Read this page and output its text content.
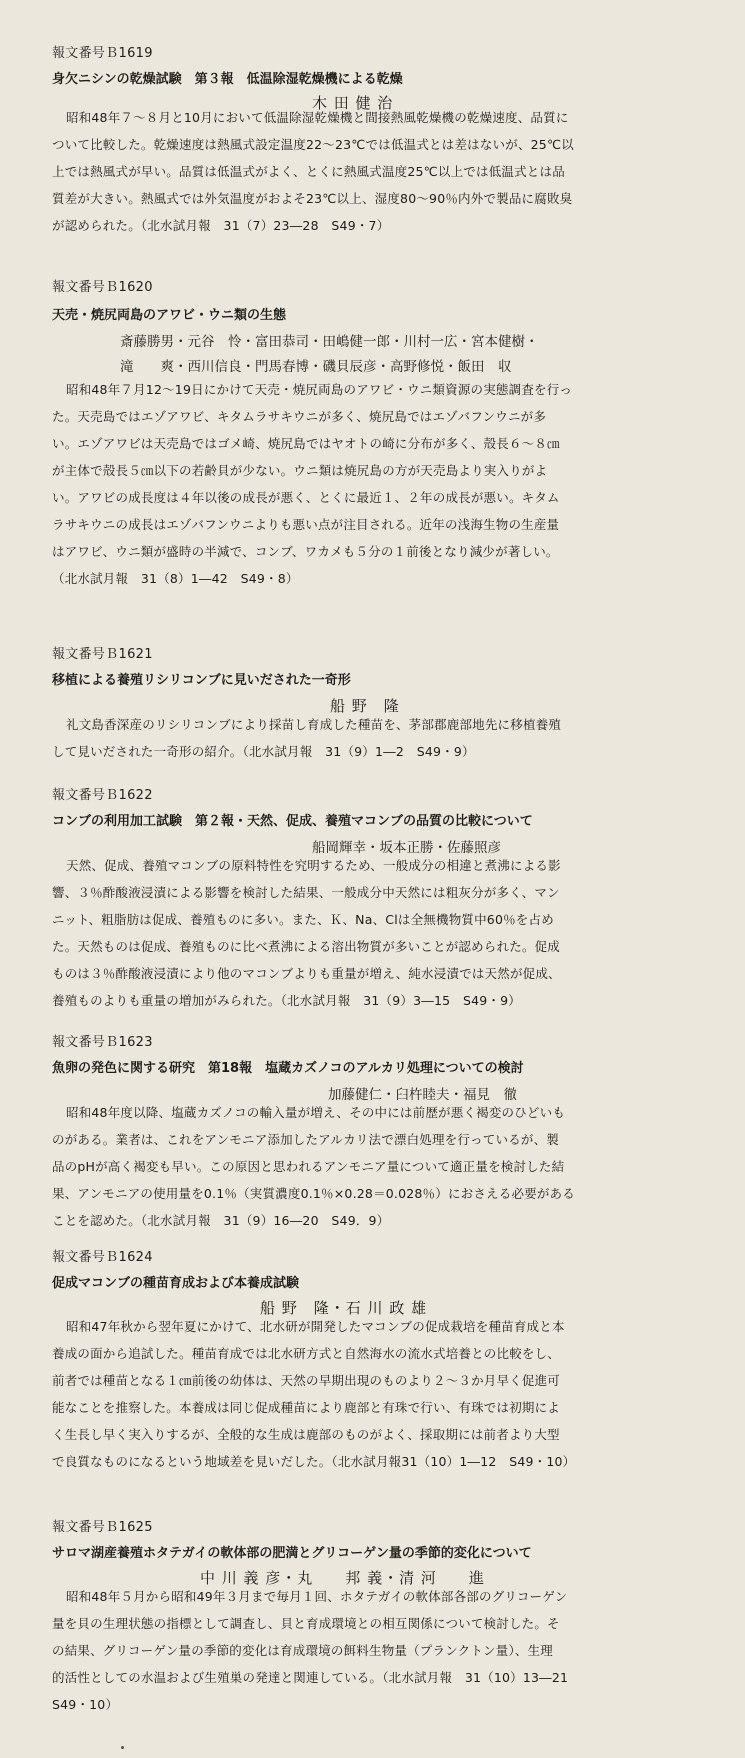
報文番号Ｂ1619
身欠ニシンの乾燥試験　第３報　低温除湿乾燥機による乾燥
木 田 健 治
昭和48年７～８月と10月において低温除湿乾燥機と間接熱風乾燥機の乾燥速度、品質に
ついて比較した。乾燥速度は熱風式設定温度22～23℃では低温式とは差はないが、25℃以
上では熱風式が早い。品質は低温式がよく、とくに熱風式温度25℃以上では低温式とは品
質差が大きい。熱風式では外気温度がおよそ23℃以上、湿度80～90％内外で製品に腐敗臭
が認められた。（北水試月報　31（7）23―28　S49・7）
報文番号Ｂ1620
天売・焼尻両島のアワビ・ウニ類の生態
斎藤勝男・元谷　怜・富田恭司・田嶋健一郎・川村一広・宮本健樹・
滝　　爽・西川信良・門馬春博・磯貝辰彦・高野修悦・飯田　収
昭和48年７月12～19日にかけて天売・焼尻両島のアワビ・ウニ類資源の実態調査を行っ
た。天売島ではエゾアワビ、キタムラサキウニが多く、焼尻島ではエゾバフンウニが多
い。エゾアワビは天売島ではゴメ崎、焼尻島ではヤオトの崎に分布が多く、殻長６～８㎝
が主体で殻長５㎝以下の若齢貝が少ない。ウニ類は焼尻島の方が天売島より実入りがよ
い。アワビの成長度は４年以後の成長が悪く、とくに最近１、２年の成長が悪い。キタム
ラサキウニの成長はエゾバフンウニよりも悪い点が注目される。近年の浅海生物の生産量
はアワビ、ウニ類が盛時の半減で、コンブ、ワカメも５分の１前後となり減少が著しい。
（北水試月報　31（8）1―42　S49・8）
報文番号Ｂ1621
移植による養殖リシリコンブに見いだされた一奇形
船 野　隆
礼文島香深産のリシリコンブにより採苗し育成した種苗を、茅部郡鹿部地先に移植養殖
して見いだされた一奇形の紹介。（北水試月報　31（9）1―2　S49・9）
報文番号Ｂ1622
コンブの利用加工試験　第２報・天然、促成、養殖マコンブの品質の比較について
船岡輝幸・坂本正勝・佐藤照彦
天然、促成、養殖マコンブの原料特性を究明するため、一般成分の相違と煮沸による影
響、３％酢酸液浸漬による影響を検討した結果、一般成分中天然には粗灰分が多く、マン
ニット、粗脂肪は促成、養殖ものに多い。また、Ｋ、Na、Clは全無機物質中60％を占め
た。天然ものは促成、養殖ものに比べ煮沸による溶出物質が多いことが認められた。促成
ものは３％酢酸液浸漬により他のマコンブよりも重量が増え、純水浸漬では天然が促成、
養殖ものよりも重量の増加がみられた。（北水試月報　31（9）3―15　S49・9）
報文番号Ｂ1623
魚卵の発色に関する研究　第18報　塩蔵カズノコのアルカリ処理についての検討
加藤健仁・臼杵睦夫・福見　徹
昭和48年度以降、塩蔵カズノコの輸入量が増え、その中には前歴が悪く褐変のひどいも
のがある。業者は、これをアンモニア添加したアルカリ法で漂白処理を行っているが、製
品のpHが高く褐変も早い。この原因と思われるアンモニア量について適正量を検討した結
果、アンモニアの使用量を0.1％（実質濃度0.1％×0.28＝0.028％）におさえる必要がある
ことを認めた。（北水試月報　31（9）16―20　S49．9）
報文番号Ｂ1624
促成マコンブの種苗育成および本養成試験
船 野　隆・石 川 政 雄
昭和47年秋から翌年夏にかけて、北水研が開発したマコンブの促成栽培を種苗育成と本
養成の面から追試した。種苗育成では北水研方式と自然海水の流水式培養との比較をし、
前者では種苗となる１㎝前後の幼体は、天然の早期出現のものより２～３か月早く促進可
能なことを推察した。本養成は同じ促成種苗により鹿部と有珠で行い、有珠では初期によ
く生長し早く実入りするが、全般的な生成は鹿部のものがよく、採取期には前者より大型
で良質なものになるという地域差を見いだした。（北水試月報31（10）1―12　S49・10）
報文番号Ｂ1625
サロマ湖産養殖ホタテガイの軟体部の肥満とグリコーゲン量の季節的変化について
中 川 義 彦・丸　　邦 義・清 河　　進
昭和48年５月から昭和49年３月まで毎月１回、ホタテガイの軟体部各部のグリコーゲン
量を貝の生理状態の指標として調査し、貝と育成環境との相互関係について検討した。そ
の結果、グリコーゲン量の季節的変化は育成環境の餌料生物量（プランクトン量）、生理
的活性としての水温および生殖巣の発達と関連している。（北水試月報　31（10）13―21
S49・10）
